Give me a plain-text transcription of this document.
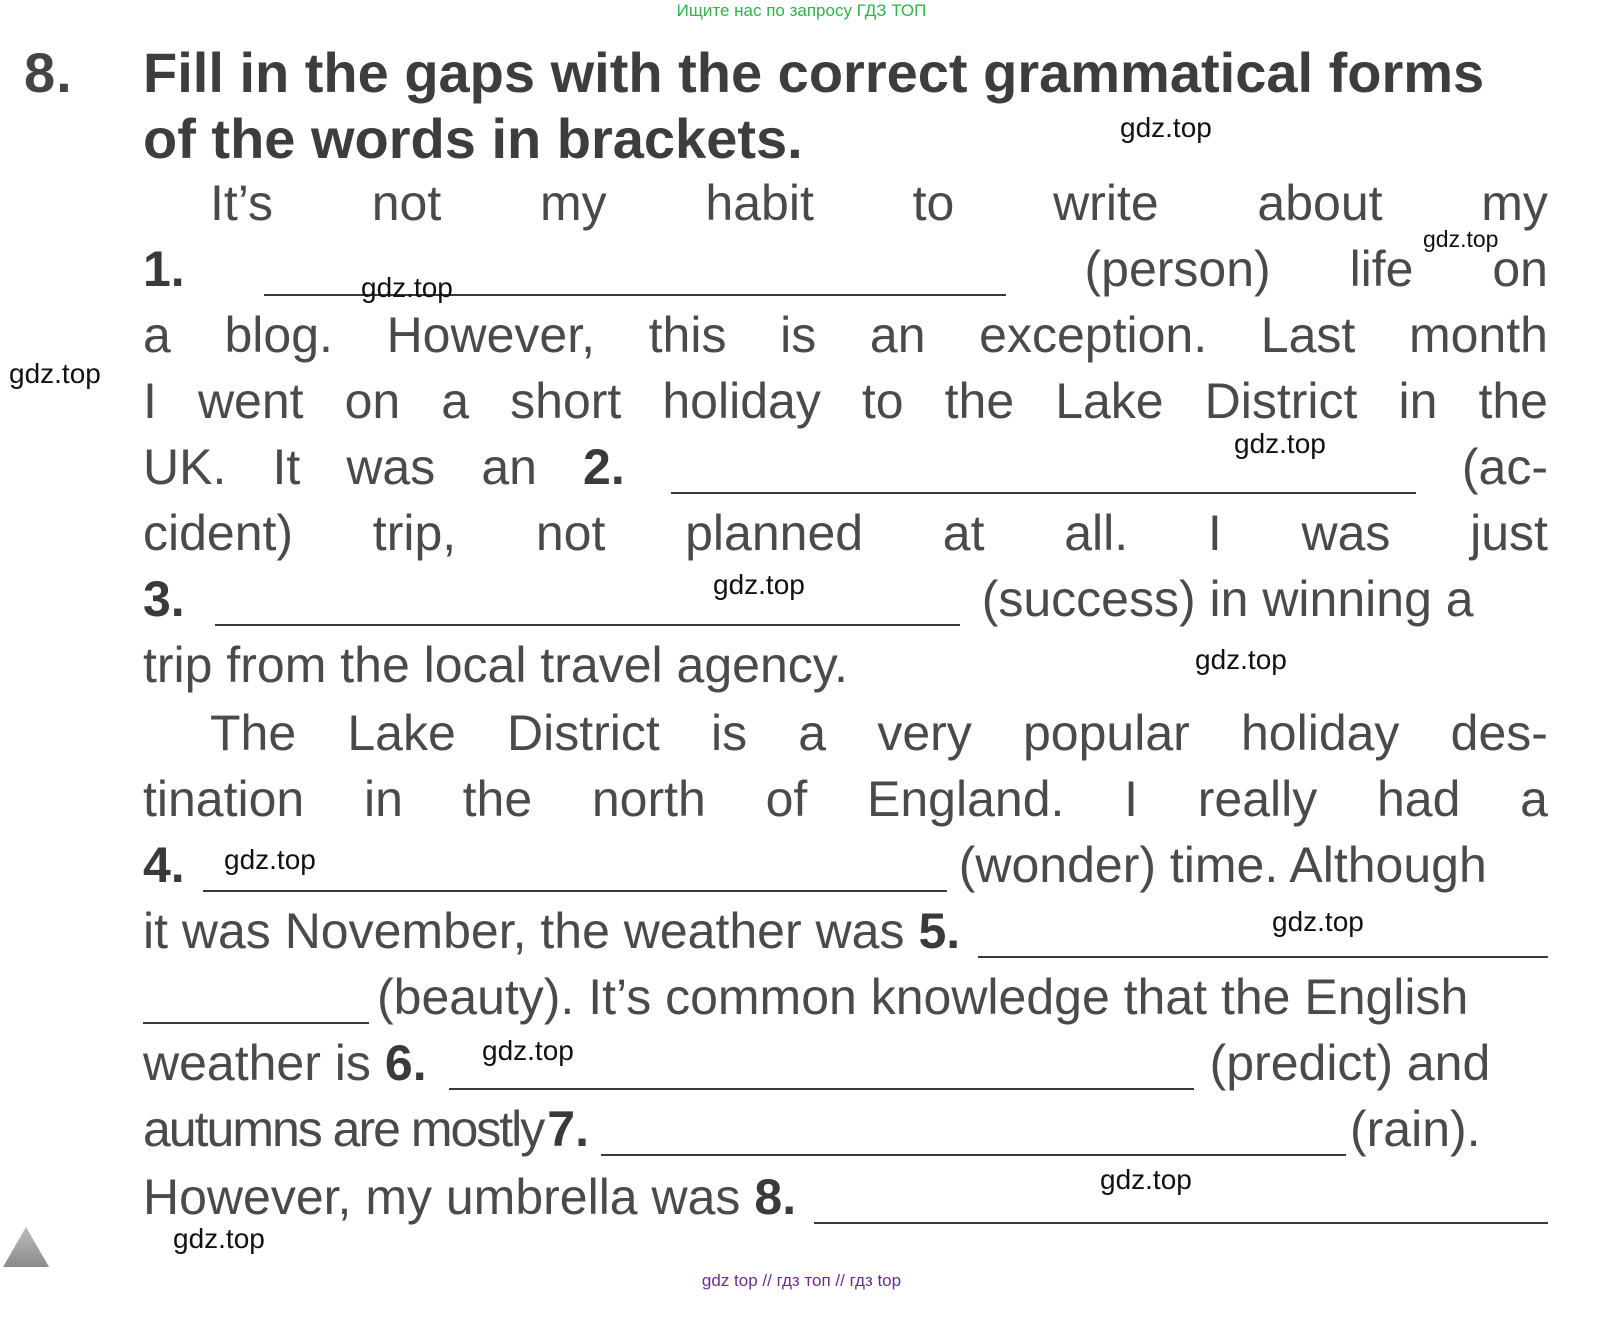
Ищите нас по запросу ГДЗ ТОП
8. Fill in the gaps with the correct grammatical forms
of the words in brackets.
It’s not my habit to write about my
1.	(person) life on
a blog. However, this is an exception. Last month
I went on a short holiday to the Lake District in the
UK. It was an 2.	(ac-
cident) trip, not planned at all. I was just
3.	(success) in winning a
trip from the local travel agency.
The Lake District is a very popular holiday des-
tination in the north of England. I really had a
4.	(wonder) time. Although
it was November, the weather was 5.
(beauty). It’s common knowledge that the English
weather is 6.	(predict) and
autumns are mostly 7.	(rain).
However, my umbrella was 8.
gdz.top
gdz.top
gdz.top
gdz.top
gdz.top
gdz.top
gdz.top
gdz.top
gdz.top
gdz.top
gdz.top
gdz.top
gdz top // гдз топ // гдз top
